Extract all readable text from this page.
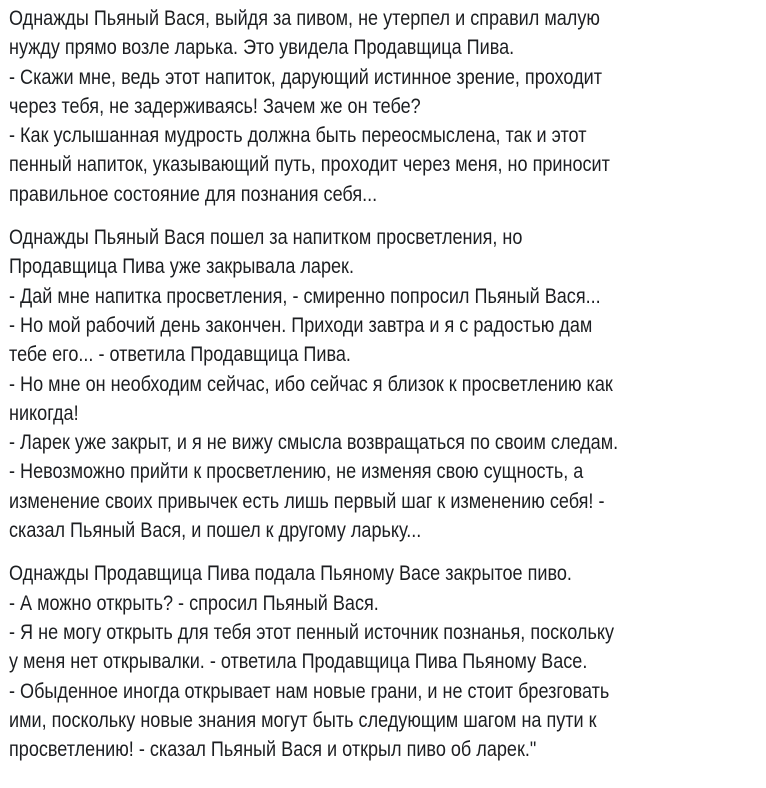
Однажды Пьяный Вася, выйдя за пивом, не утерпел и справил малую
нужду прямо возле ларька. Это увидела Продавщица Пива.
- Скажи мне, ведь этот напиток, дарующий истинное зрение, проходит
через тебя, не задерживаясь! Зачем же он тебе?
- Как услышанная мудрость должна быть переосмыслена, так и этот
пенный напиток, указывающий путь, проходит через меня, но приносит
правильное состояние для познания себя...
Однажды Пьяный Вася пошел за напитком просветления, но
Продавщица Пива уже закрывала ларек.
- Дай мне напитка просветления, - смиренно попросил Пьяный Вася...
- Но мой рабочий день закончен. Приходи завтра и я с радостью дам
тебе его... - ответила Продавщица Пива.
- Но мне он необходим сейчас, ибо сейчас я близок к просветлению как
никогда!
- Ларек уже закрыт, и я не вижу смысла возвращаться по своим следам.
- Невозможно прийти к просветлению, не изменяя свою сущность, а
изменение своих привычек есть лишь первый шаг к изменению себя! -
сказал Пьяный Вася, и пошел к другому ларьку...
Однажды Продавщица Пива подала Пьяному Васе закрытое пиво.
- А можно открыть? - спросил Пьяный Вася.
- Я не могу открыть для тебя этот пенный источник познанья, поскольку
у меня нет открывалки. - ответила Продавщица Пива Пьяному Васе.
- Обыденное иногда открывает нам новые грани, и не стоит брезговать
ими, поскольку новые знания могут быть следующим шагом на пути к
просветлению! - сказал Пьяный Вася и открыл пиво об ларек."
